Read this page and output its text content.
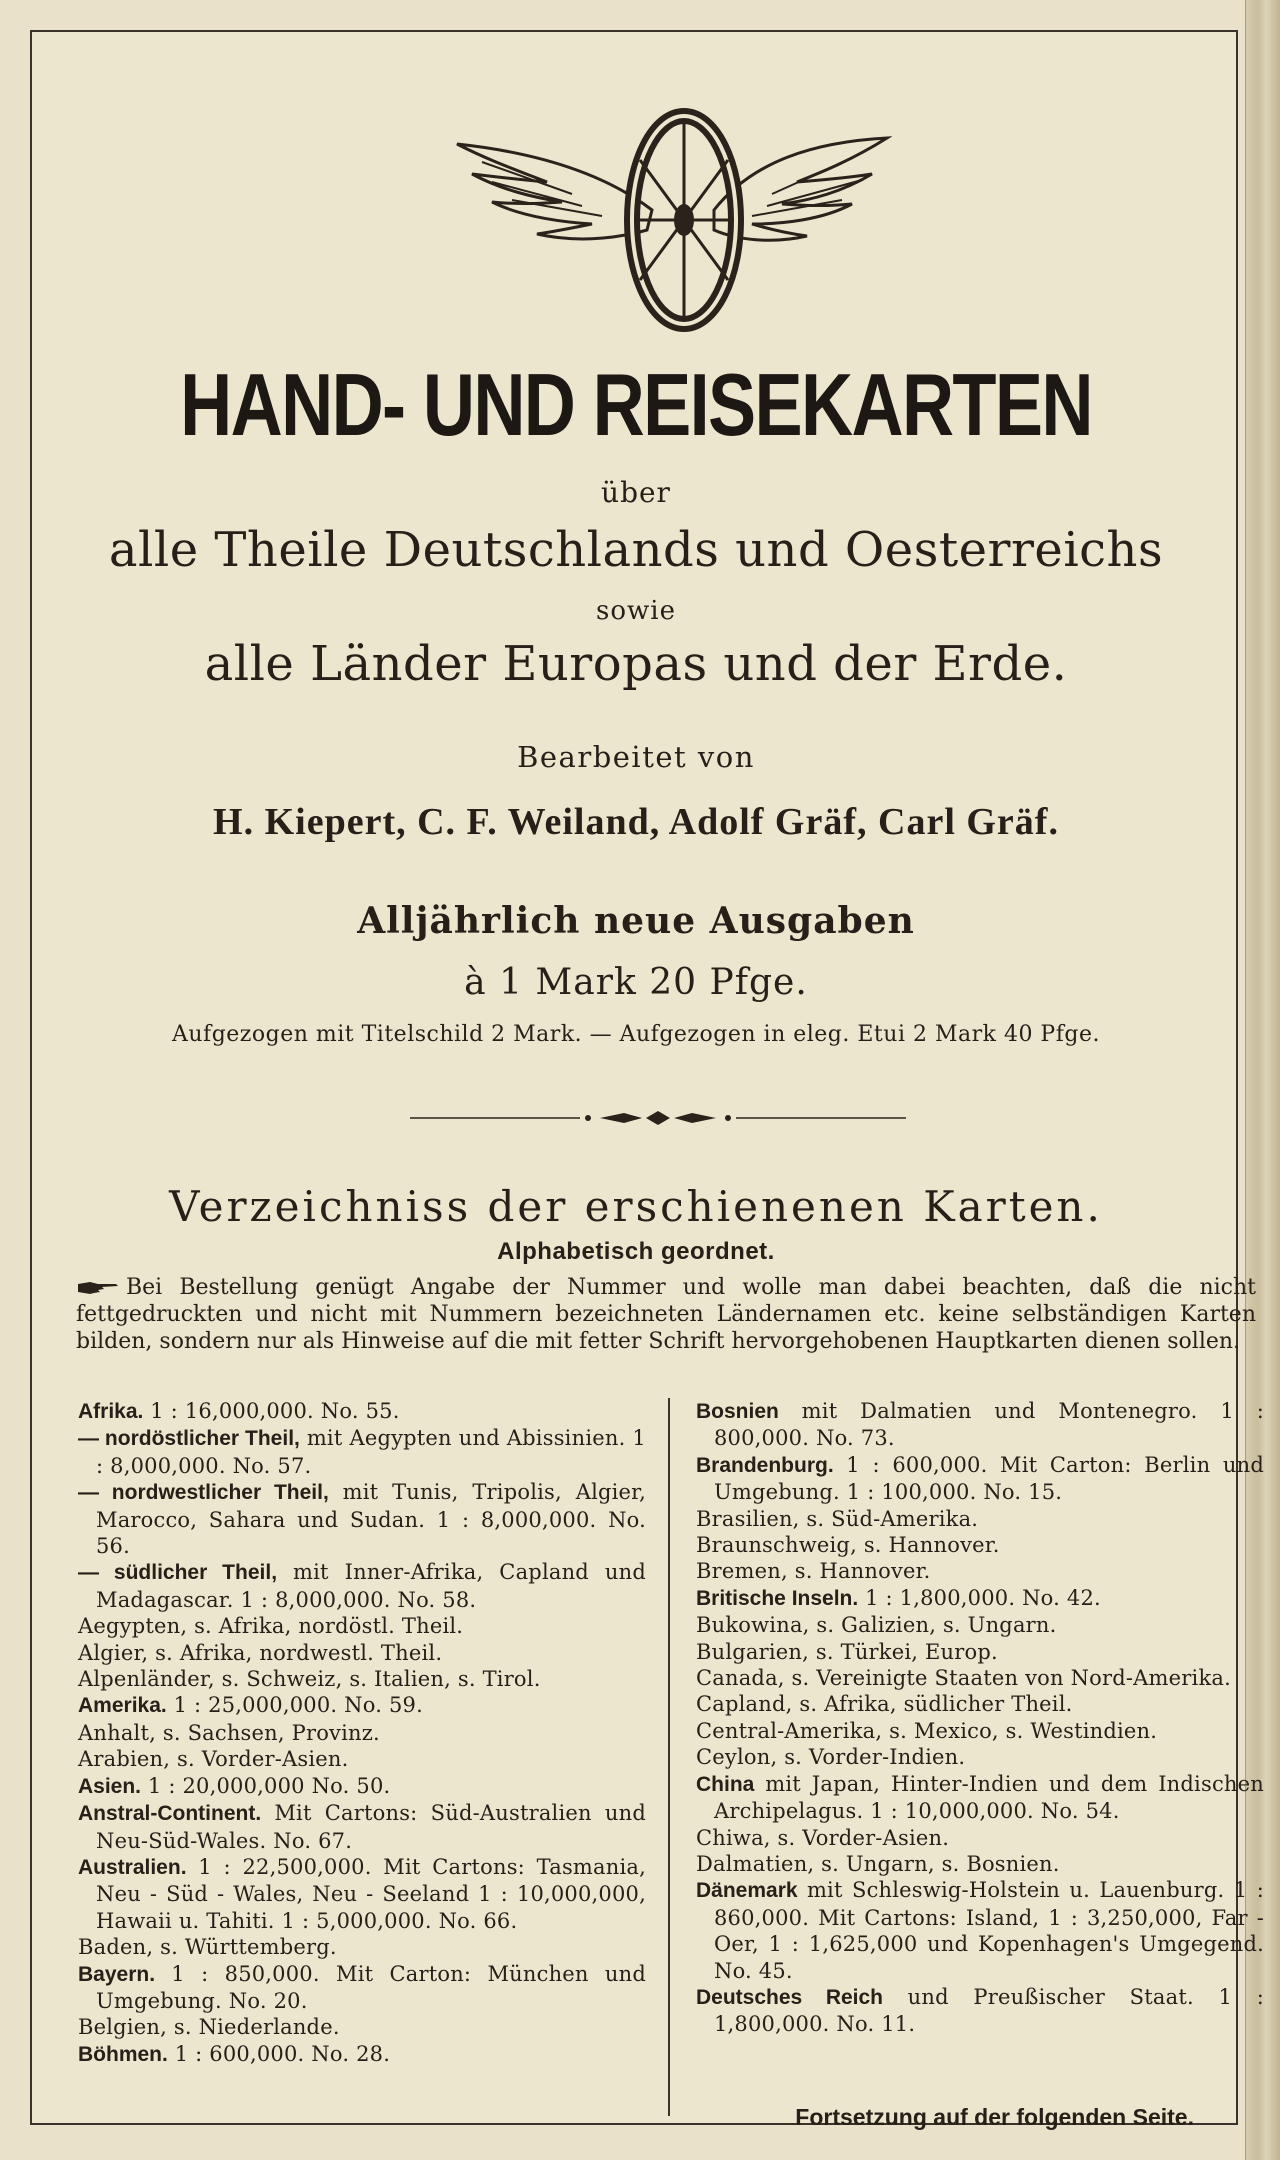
HAND- UND REISEKARTEN

über

alle Theile Deutschlands und Oesterreichs

sowie

alle Länder Europas und der Erde.

Bearbeitet von

H. Kiepert, C. F. Weiland, Adolf Gräf, Carl Gräf.

Alljährlich neue Ausgaben

à 1 Mark 20 Pfge.

Aufgezogen mit Titelschild 2 Mark. — Aufgezogen in eleg. Etui 2 Mark 40 Pfge.

Verzeichniss der erschienenen Karten.

Alphabetisch geordnet.

Bei Bestellung genügt Angabe der Nummer und wolle man dabei beachten, daß die nicht fettgedruckten und nicht mit Nummern bezeichneten Ländernamen etc. keine selbständigen Karten bilden, sondern nur als Hinweise auf die mit fetter Schrift hervorgehobenen Hauptkarten dienen sollen.

Afrika. 1 : 16,000,000. No. 55.
— nordöstlicher Theil, mit Aegypten und Abissinien. 1 : 8,000,000. No. 57.
— nordwestlicher Theil, mit Tunis, Tripolis, Algier, Marocco, Sahara und Sudan. 1 : 8,000,000. No. 56.
— südlicher Theil, mit Inner-Afrika, Capland und Madagascar. 1 : 8,000,000. No. 58.
Aegypten, s. Afrika, nordöstl. Theil.
Algier, s. Afrika, nordwestl. Theil.
Alpenländer, s. Schweiz, s. Italien, s. Tirol.
Amerika. 1 : 25,000,000. No. 59.
Anhalt, s. Sachsen, Provinz.
Arabien, s. Vorder-Asien.
Asien. 1 : 20,000,000 No. 50.
Anstral-Continent. Mit Cartons: Süd-Australien und Neu-Süd-Wales. No. 67.
Australien. 1 : 22,500,000. Mit Cartons: Tasmania, Neu - Süd - Wales, Neu - Seeland 1 : 10,000,000, Hawaii u. Tahiti. 1 : 5,000,000. No. 66.
Baden, s. Württemberg.
Bayern. 1 : 850,000. Mit Carton: München und Umgebung. No. 20.
Belgien, s. Niederlande.
Böhmen. 1 : 600,000. No. 28.
Bosnien mit Dalmatien und Montenegro. 1 : 800,000. No. 73.
Brandenburg. 1 : 600,000. Mit Carton: Berlin und Umgebung. 1 : 100,000. No. 15.
Brasilien, s. Süd-Amerika.
Braunschweig, s. Hannover.
Bremen, s. Hannover.
Britische Inseln. 1 : 1,800,000. No. 42.
Bukowina, s. Galizien, s. Ungarn.
Bulgarien, s. Türkei, Europ.
Canada, s. Vereinigte Staaten von Nord-Amerika.
Capland, s. Afrika, südlicher Theil.
Central-Amerika, s. Mexico, s. Westindien.
Ceylon, s. Vorder-Indien.
China mit Japan, Hinter-Indien und dem Indischen Archipelagus. 1 : 10,000,000. No. 54.
Chiwa, s. Vorder-Asien.
Dalmatien, s. Ungarn, s. Bosnien.
Dänemark mit Schleswig-Holstein u. Lauenburg. 1 : 860,000. Mit Cartons: Island, 1 : 3,250,000, Far - Oer, 1 : 1,625,000 und Kopenhagen's Umgegend. No. 45.
Deutsches Reich und Preußischer Staat. 1 : 1,800,000. No. 11.
Fortsetzung auf der folgenden Seite.
